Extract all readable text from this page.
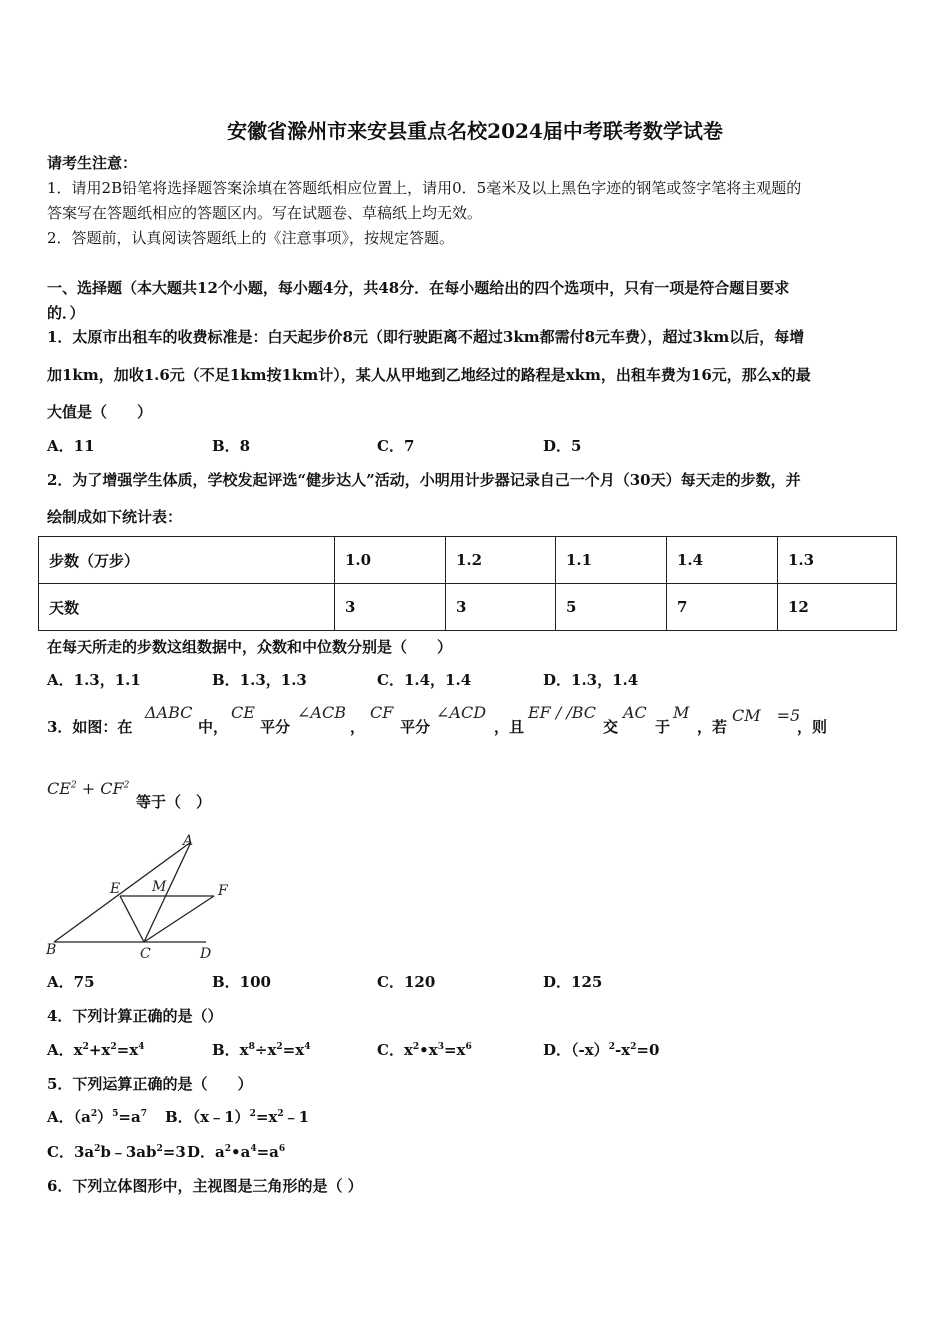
安徽省滁州市来安县重点名校2024届中考联考数学试卷
请考生注意：
1．请用2B铅笔将选择题答案涂填在答题纸相应位置上，请用0．5毫米及以上黑色字迹的钢笔或签字笔将主观题的
答案写在答题纸相应的答题区内。写在试题卷、草稿纸上均无效。
2．答题前，认真阅读答题纸上的《注意事项》，按规定答题。
一、选择题（本大题共12个小题，每小题4分，共48分．在每小题给出的四个选项中，只有一项是符合题目要求
的．）
1．太原市出租车的收费标准是：白天起步价8元（即行驶距离不超过3km都需付8元车费），超过3km以后，每增
加1km，加收1.6元（不足1km按1km计），某人从甲地到乙地经过的路程是xkm，出租车费为16元，那么x的最
大值是（　　）
A．11	B．8	C．7	D．5
2．为了增强学生体质，学校发起评选“健步达人”活动，小明用计步器记录自己一个月（30天）每天走的步数，并
绘制成如下统计表：
步数（万步）	1.0	1.2	1.1	1.4	1.3
天数	3	3	5	7	12
在每天所走的步数这组数据中，众数和中位数分别是（　　）
A．1.3，1.1	B．1.3，1.3	C．1.4，1.4	D．1.3，1.4
3．如图：在
ΔABC
中，
CE
平分
∠ACB
，
CF
平分
∠ACD
，且
EF / /BC
交
AC
于
M
，若
CM　=5
，则
$CE^2 + CF^2$
等于（　）
A
B	C	D
E	F
M
A．75	B．100	C．120	D．125
4．下列计算正确的是（）
A．$x^2+x^2=x^4$	B．$x^8\div x^2=x^4$	C．$x^2•x^3=x^6$	D．$(-x)^2-x^2=0$
5．下列运算正确的是（　　）
A．$(a^2)^5=a^7$ B．$(x﹣1)^2=x^2﹣1$
C．$3a^2b﹣3ab^2=3$ D．$a^2•a^4=a^6$
6．下列立体图形中，主视图是三角形的是（ ）
